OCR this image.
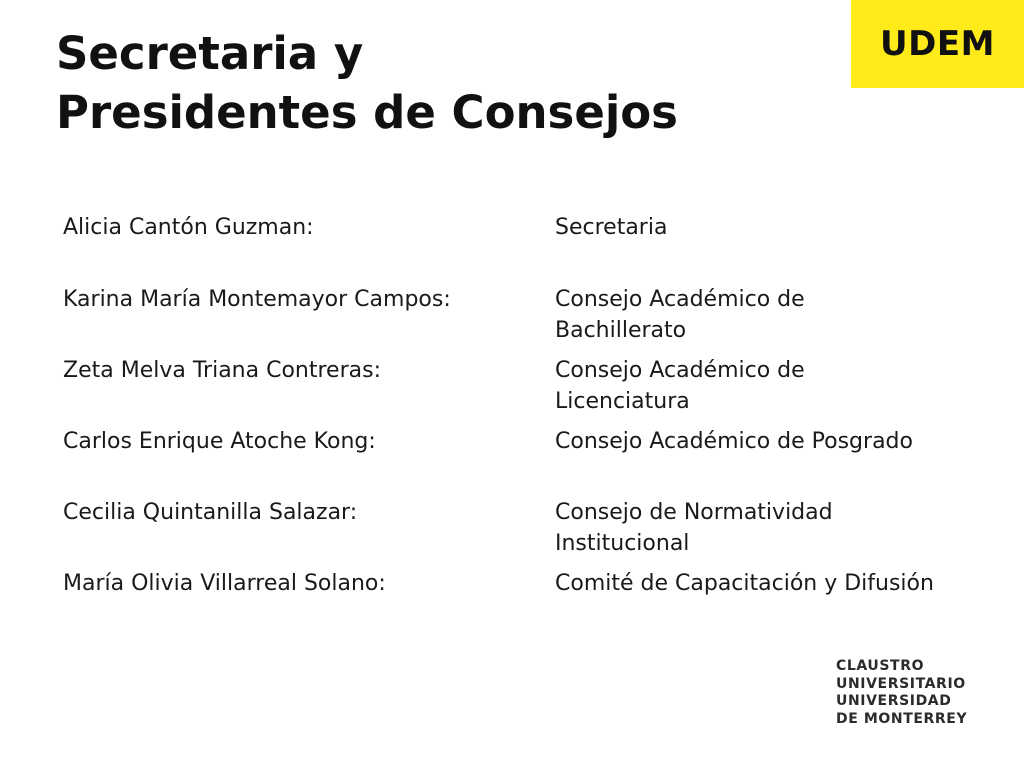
Secretaria y
Presidentes de Consejos
UDEM
Alicia Cantón Guzman:	Secretaria
Karina María Montemayor Campos:	Consejo Académico de Bachillerato
Zeta Melva Triana Contreras:	Consejo Académico de Licenciatura
Carlos Enrique Atoche Kong:	Consejo Académico de Posgrado
Cecilia Quintanilla Salazar:	Consejo de Normatividad Institucional
María Olivia Villarreal Solano:	Comité de Capacitación y Difusión
CLAUSTRO
UNIVERSITARIO
UNIVERSIDAD
DE MONTERREY
